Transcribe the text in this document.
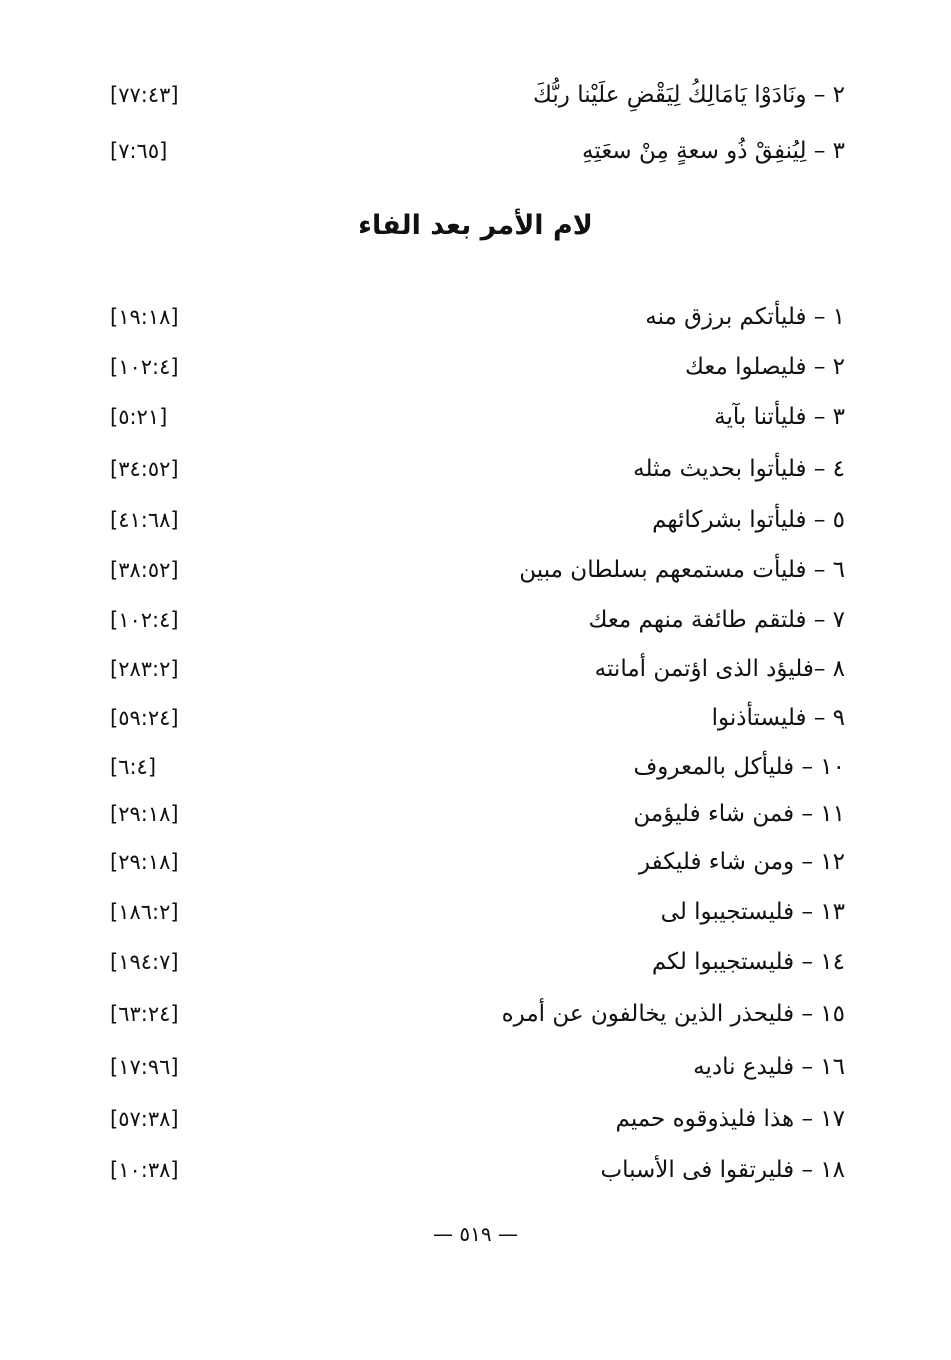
[٧٧:٤٣]	٢ – ونَادَوْا يَامَالِكُ لِيَقْضِ علَيْنا ربُّكَ
[٧:٦٥]	٣ – لِيُنفِقْ ذُو سعةٍ مِنْ سعَتِهِ
لام الأمر بعد الفاء
[١٩:١٨]	١ – فليأتكم برزق منه
[١٠٢:٤]	٢ – فليصلوا معك
[٥:٢١]	٣ – فليأتنا بآية
[٣٤:٥٢]	٤ – فليأتوا بحديث مثله
[٤١:٦٨]	٥ – فليأتوا بشركائهم
[٣٨:٥٢]	٦ – فليأت مستمعهم بسلطان مبين
[١٠٢:٤]	٧ – فلتقم طائفة منهم معك
[٢٨٣:٢]	٨ –فليؤد الذى اؤتمن أمانته
[٥٩:٢٤]	٩ – فليستأذنوا
[٦:٤]	١٠ – فليأكل بالمعروف
[٢٩:١٨]	١١ – فمن شاء فليؤمن
[٢٩:١٨]	١٢ – ومن شاء فليكفر
[١٨٦:٢]	١٣ – فليستجيبوا لى
[١٩٤:٧]	١٤ – فليستجيبوا لكم
[٦٣:٢٤]	١٥ – فليحذر الذين يخالفون عن أمره
[١٧:٩٦]	١٦ – فليدع ناديه
[٥٧:٣٨]	١٧ – هذا فليذوقوه حميم
[١٠:٣٨]	١٨ – فليرتقوا فى الأسباب
— ٥١٩ —
